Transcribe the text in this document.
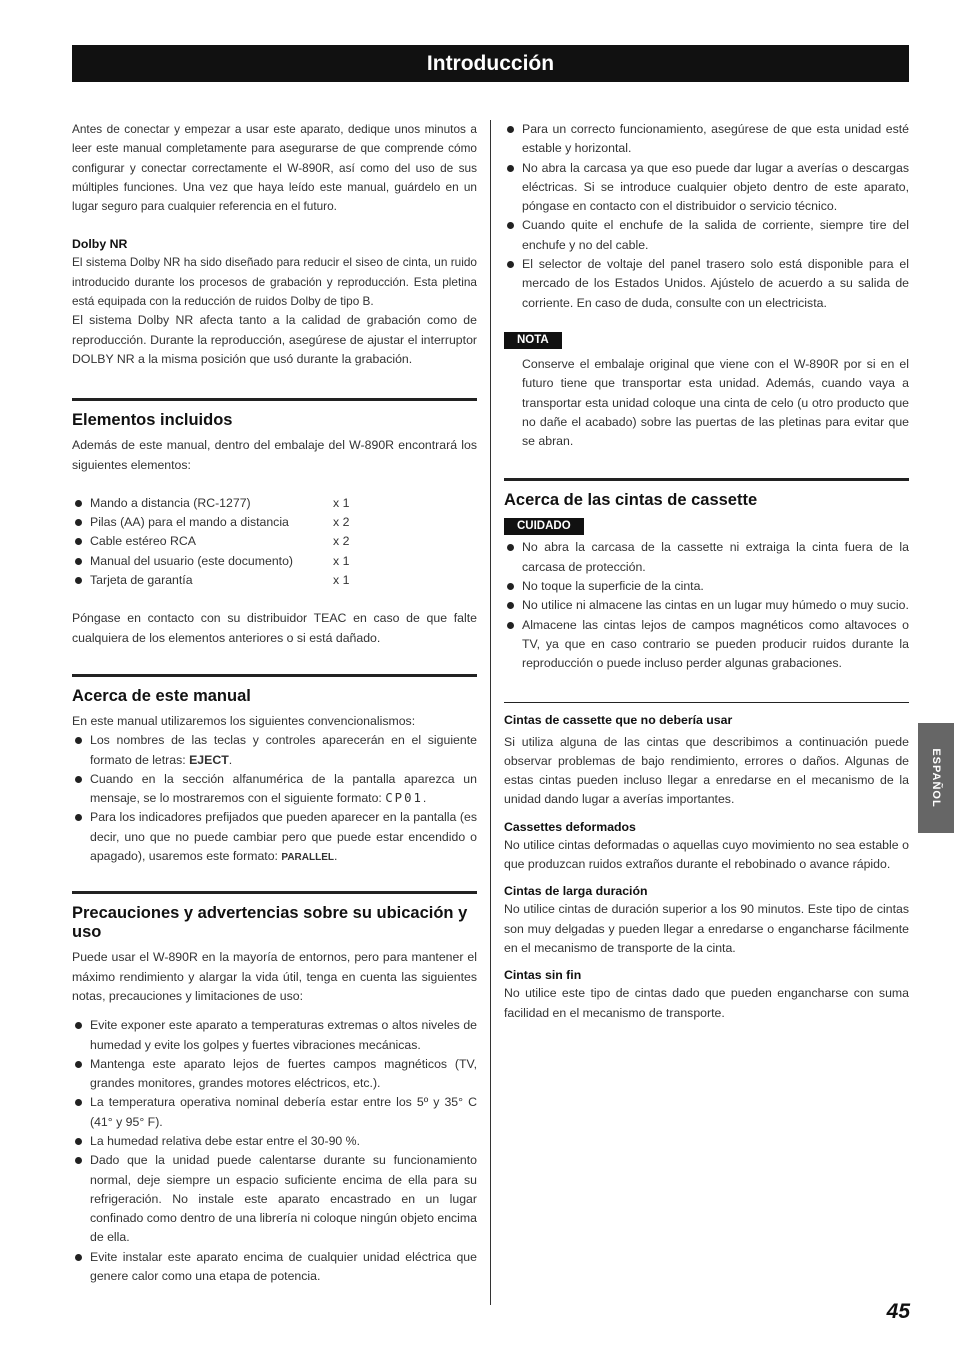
Introducción

Antes de conectar y empezar a usar este aparato, dedique unos minutos a leer este manual completamente para asegurarse de que comprende cómo configurar y conectar correctamente el W-890R, así como del uso de sus múltiples funciones. Una vez que haya leído este manual, guárdelo en un lugar seguro para cualquier referencia en el futuro.

Dolby NR

El sistema Dolby NR ha sido diseñado para reducir el siseo de cinta, un ruido introducido durante los procesos de grabación y reproducción. Esta pletina está equipada con la reducción de ruidos Dolby de tipo B.

El sistema Dolby NR afecta tanto a la calidad de grabación como de reproducción. Durante la reproducción, asegúrese de ajustar el interruptor DOLBY NR a la misma posición que usó durante la grabación.

Elementos incluidos

Además de este manual, dentro del embalaje del W-890R encontrará los siguientes elementos:

Mando a distancia (RC-1277)	x 1
Pilas (AA) para el mando a distancia	x 2
Cable estéreo RCA	x 2
Manual del usuario (este documento)	x 1
Tarjeta de garantía	x 1

Póngase en contacto con su distribuidor TEAC en caso de que falte cualquiera de los elementos anteriores o si está dañado.

Acerca de este manual

En este manual utilizaremos los siguientes convencionalismos:

Los nombres de las teclas y controles aparecerán en el siguiente formato de letras: EJECT.
Cuando en la sección alfanumérica de la pantalla aparezca un mensaje, se lo mostraremos con el siguiente formato: CP01.
Para los indicadores prefijados que pueden aparecer en la pantalla (es decir, uno que no puede cambiar pero que puede estar encendido o apagado), usaremos este formato: PARALLEL.

Precauciones y advertencias sobre su ubicación y uso

Puede usar el W-890R en la mayoría de entornos, pero para mantener el máximo rendimiento y alargar la vida útil, tenga en cuenta las siguientes notas, precauciones y limitaciones de uso:

Evite exponer este aparato a temperaturas extremas o altos niveles de humedad y evite los golpes y fuertes vibraciones mecánicas.
Mantenga este aparato lejos de fuertes campos magnéticos (TV, grandes monitores, grandes motores eléctricos, etc.).
La temperatura operativa nominal debería estar entre los 5º y 35° C (41° y 95° F).
La humedad relativa debe estar entre el 30-90 %.
Dado que la unidad puede calentarse durante su funcionamiento normal, deje siempre un espacio suficiente encima de ella para su refrigeración. No instale este aparato encastrado en un lugar confinado como dentro de una librería ni coloque ningún objeto encima de ella.
Evite instalar este aparato encima de cualquier unidad eléctrica que genere calor como una etapa de potencia.
Para un correcto funcionamiento, asegúrese de que esta unidad esté estable y horizontal.
No abra la carcasa ya que eso puede dar lugar a averías o descargas eléctricas. Si se introduce cualquier objeto dentro de este aparato, póngase en contacto con el distribuidor o servicio técnico.
Cuando quite el enchufe de la salida de corriente, siempre tire del enchufe y no del cable.
El selector de voltaje del panel trasero solo está disponible para el mercado de los Estados Unidos. Ajústelo de acuerdo a su salida de corriente. En caso de duda, consulte con un electricista.
NOTA

Conserve el embalaje original que viene con el W-890R por si en el futuro tiene que transportar esta unidad. Además, cuando vaya a transportar esta unidad coloque una cinta de celo (u otro producto que no dañe el acabado) sobre las puertas de las pletinas para evitar que se abran.

Acerca de las cintas de cassette

CUIDADO
No abra la carcasa de la cassette ni extraiga la cinta fuera de la carcasa de protección.
No toque la superficie de la cinta.
No utilice ni almacene las cintas en un lugar muy húmedo o muy sucio.
Almacene las cintas lejos de campos magnéticos como altavoces o TV, ya que en caso contrario se pueden producir ruidos durante la reproducción o puede incluso perder algunas grabaciones.

Cintas de cassette que no debería usar

Si utiliza alguna de las cintas que describimos a continuación puede observar problemas de bajo rendimiento, errores o daños. Algunas de estas cintas pueden incluso llegar a enredarse en el mecanismo de la unidad dando lugar a averías importantes.

Cassettes deformados

No utilice cintas deformadas o aquellas cuyo movimiento no sea estable o que produzcan ruidos extraños durante el rebobinado o avance rápido.

Cintas de larga duración

No utilice cintas de duración superior a los 90 minutos. Este tipo de cintas son muy delgadas y pueden llegar a enredarse o engancharse fácilmente en el mecanismo de transporte de la cinta.

Cintas sin fin

No utilice este tipo de cintas dado que pueden engancharse con suma facilidad en el mecanismo de transporte.

ESPAÑOL
45
